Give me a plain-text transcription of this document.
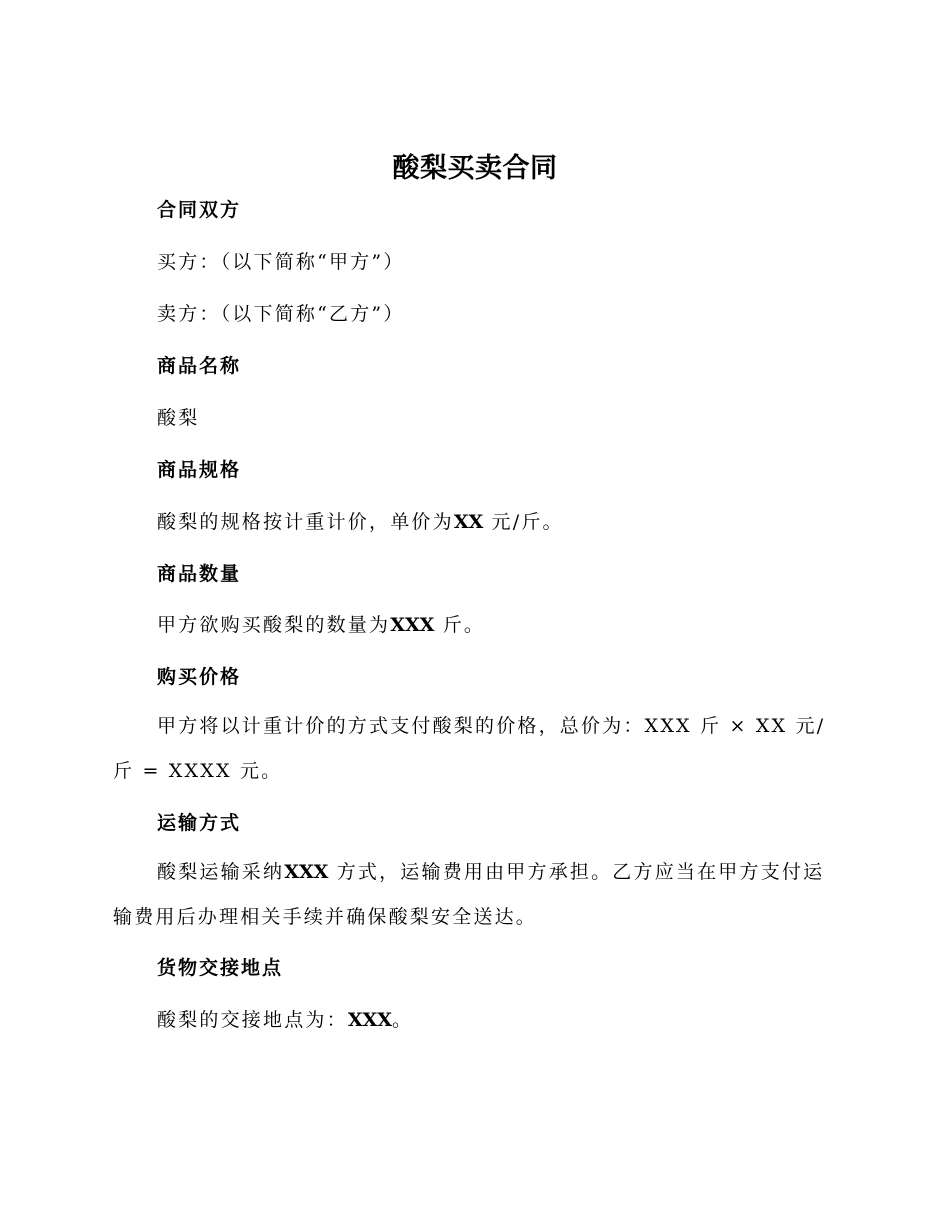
酸梨买卖合同
合同双方
买方：（以下简称“甲方”）
卖方：（以下简称“乙方”）
商品名称
酸梨
商品规格
酸梨的规格按计重计价，单价为XX 元/斤。
商品数量
甲方欲购买酸梨的数量为XXX 斤。
购买价格
甲方将以计重计价的方式支付酸梨的价格，总价为：XXX 斤 × XX 元/斤 = XXXX 元。
运输方式
酸梨运输采纳XXX 方式，运输费用由甲方承担。乙方应当在甲方支付运输费用后办理相关手续并确保酸梨安全送达。
货物交接地点
酸梨的交接地点为：XXX。
